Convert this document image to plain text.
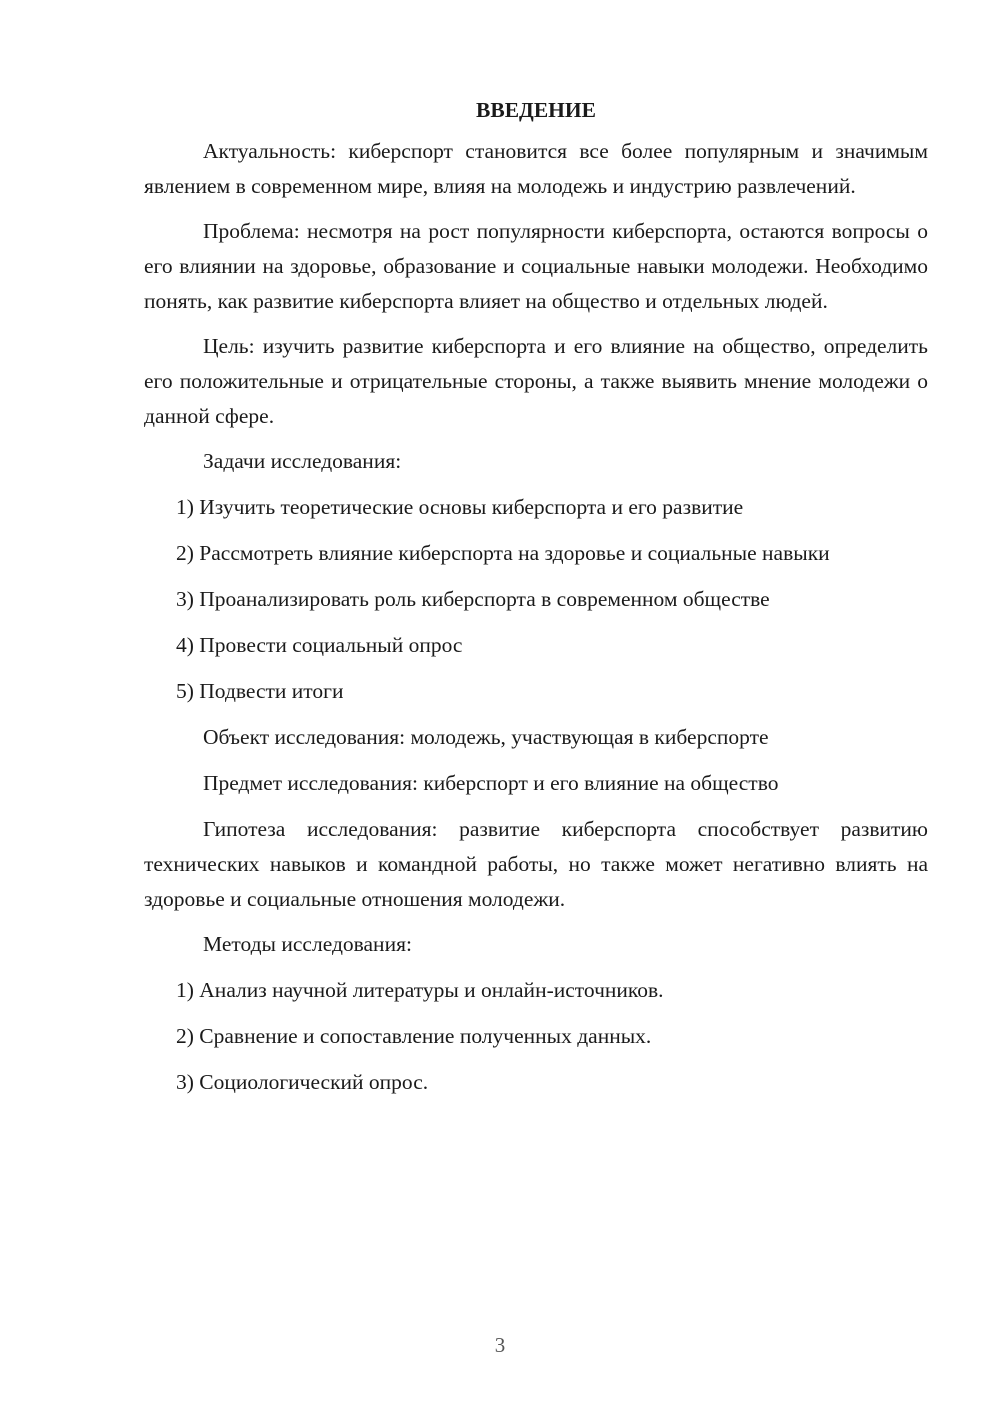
ВВЕДЕНИЕ

Актуальность: киберспорт становится все более популярным и значимым явлением в современном мире, влияя на молодежь и индустрию развлечений.

Проблема: несмотря на рост популярности киберспорта, остаются вопросы о его влиянии на здоровье, образование и социальные навыки молодежи. Необходимо понять, как развитие киберспорта влияет на общество и отдельных людей.

Цель: изучить развитие киберспорта и его влияние на общество, определить его положительные и отрицательные стороны, а также выявить мнение молодежи о данной сфере.

Задачи исследования:

1) Изучить теоретические основы киберспорта и его развитие

2) Рассмотреть влияние киберспорта на здоровье и социальные навыки

3) Проанализировать роль киберспорта в современном обществе

4) Провести социальный опрос

5) Подвести итоги

Объект исследования: молодежь, участвующая в киберспорте

Предмет исследования: киберспорт и его влияние на общество

Гипотеза исследования: развитие киберспорта способствует развитию технических навыков и командной работы, но также может негативно влиять на здоровье и социальные отношения молодежи.

Методы исследования:

1) Анализ научной литературы и онлайн-источников.

2) Сравнение и сопоставление полученных данных.

3) Социологический опрос.

3
